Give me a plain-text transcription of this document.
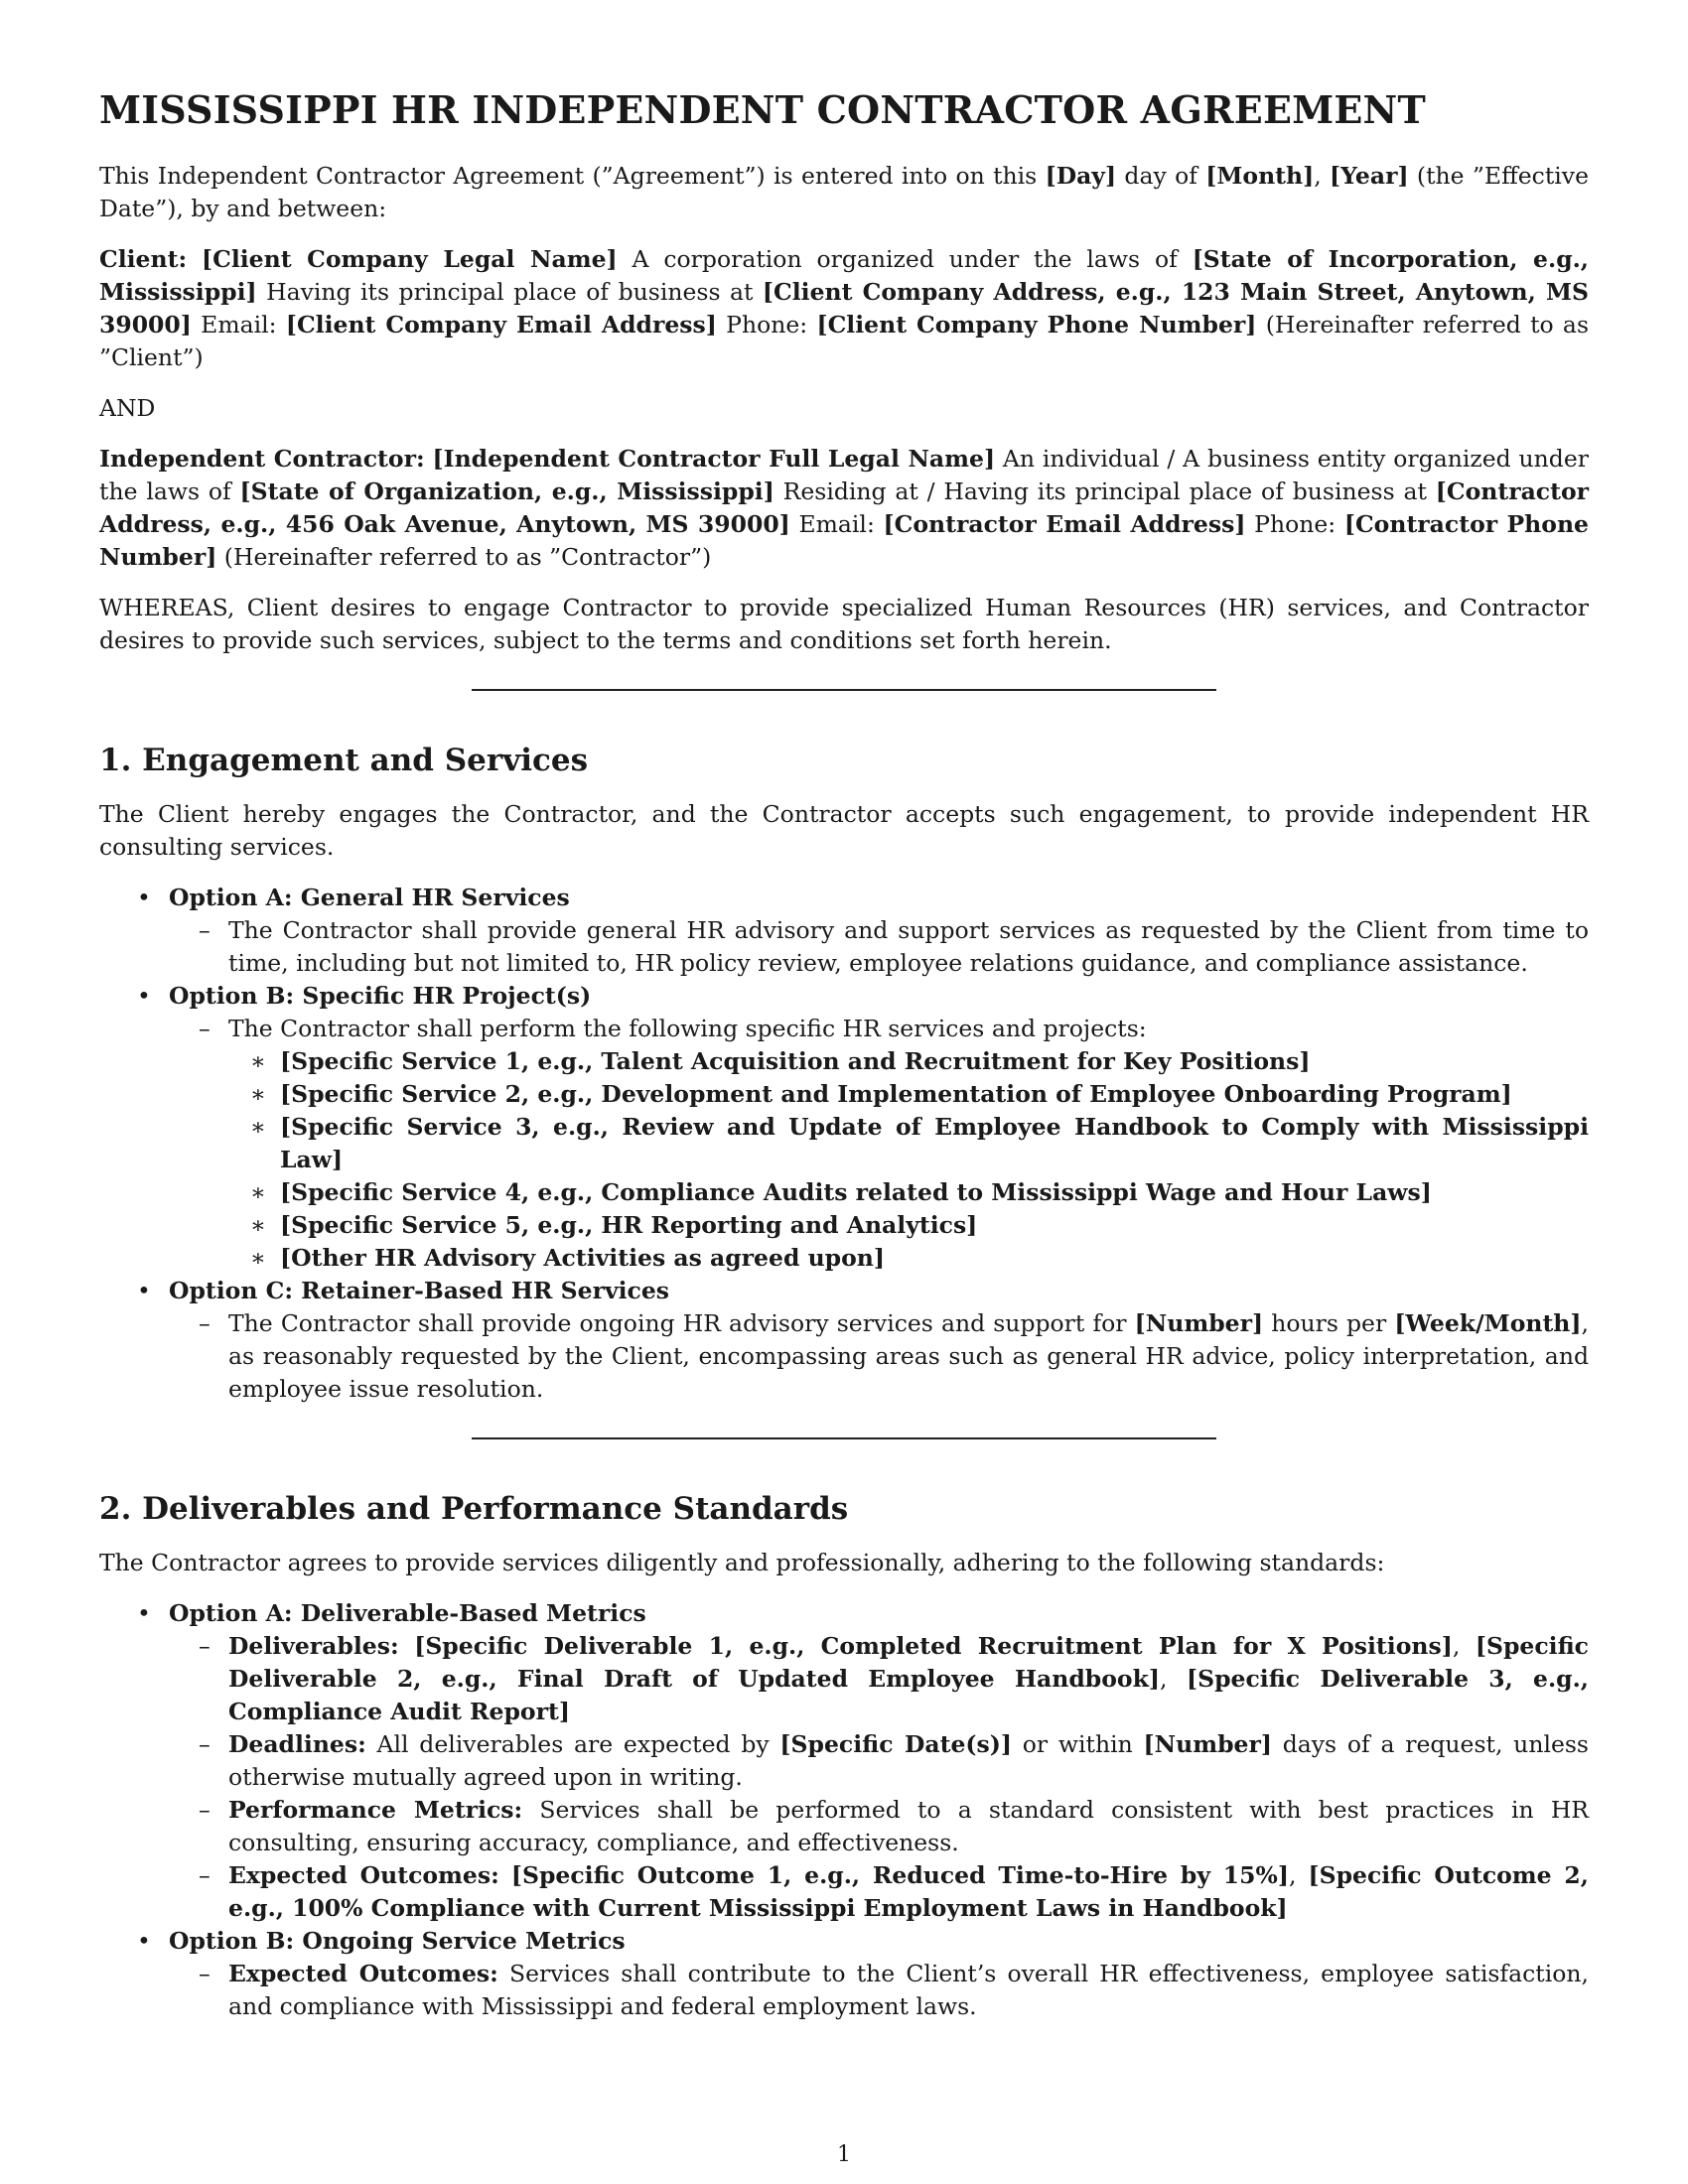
MISSISSIPPI HR INDEPENDENT CONTRACTOR AGREEMENT

This Independent Contractor Agreement (”Agreement”) is entered into on this [Day] day of [Month], [Year] (the ”Effective Date”), by and between:

Client: [Client Company Legal Name] A corporation organized under the laws of [State of Incorporation, e.g., Mississippi] Having its principal place of business at [Client Company Address, e.g., 123 Main Street, Anytown, MS 39000] Email: [Client Company Email Address] Phone: [Client Company Phone Number] (Hereinafter referred to as ”Client”)

AND

Independent Contractor: [Independent Contractor Full Legal Name] An individual / A business entity organized under the laws of [State of Organization, e.g., Mississippi] Residing at / Having its principal place of business at [Contractor Address, e.g., 456 Oak Avenue, Anytown, MS 39000] Email: [Contractor Email Address] Phone: [Contractor Phone Number] (Hereinafter referred to as ”Contractor”)

WHEREAS, Client desires to engage Contractor to provide specialized Human Resources (HR) services, and Contractor desires to provide such services, subject to the terms and conditions set forth herein.

1. Engagement and Services

The Client hereby engages the Contractor, and the Contractor accepts such engagement, to provide independent HR consulting services.

• Option A: General HR Services
– The Contractor shall provide general HR advisory and support services as requested by the Client from time to time, including but not limited to, HR policy review, employee relations guidance, and compliance assistance.
• Option B: Specific HR Project(s)
– The Contractor shall perform the following specific HR services and projects:
∗ [Specific Service 1, e.g., Talent Acquisition and Recruitment for Key Positions]
∗ [Specific Service 2, e.g., Development and Implementation of Employee Onboarding Program]
∗ [Specific Service 3, e.g., Review and Update of Employee Handbook to Comply with Mississippi Law]
∗ [Specific Service 4, e.g., Compliance Audits related to Mississippi Wage and Hour Laws]
∗ [Specific Service 5, e.g., HR Reporting and Analytics]
∗ [Other HR Advisory Activities as agreed upon]
• Option C: Retainer-Based HR Services
– The Contractor shall provide ongoing HR advisory services and support for [Number] hours per [Week/Month], as reasonably requested by the Client, encompassing areas such as general HR advice, policy interpretation, and employee issue resolution.
2. Deliverables and Performance Standards

The Contractor agrees to provide services diligently and professionally, adhering to the following standards:

• Option A: Deliverable-Based Metrics
– Deliverables: [Specific Deliverable 1, e.g., Completed Recruitment Plan for X Positions], [Specific Deliverable 2, e.g., Final Draft of Updated Employee Handbook], [Specific Deliverable 3, e.g., Compliance Audit Report]
– Deadlines: All deliverables are expected by [Specific Date(s)] or within [Number] days of a request, unless otherwise mutually agreed upon in writing.
– Performance Metrics: Services shall be performed to a standard consistent with best practices in HR consulting, ensuring accuracy, compliance, and effectiveness.
– Expected Outcomes: [Specific Outcome 1, e.g., Reduced Time-to-Hire by 15%], [Specific Outcome 2, e.g., 100% Compliance with Current Mississippi Employment Laws in Handbook]
• Option B: Ongoing Service Metrics
– Expected Outcomes: Services shall contribute to the Client’s overall HR effectiveness, employee satisfaction, and compliance with Mississippi and federal employment laws.
1
